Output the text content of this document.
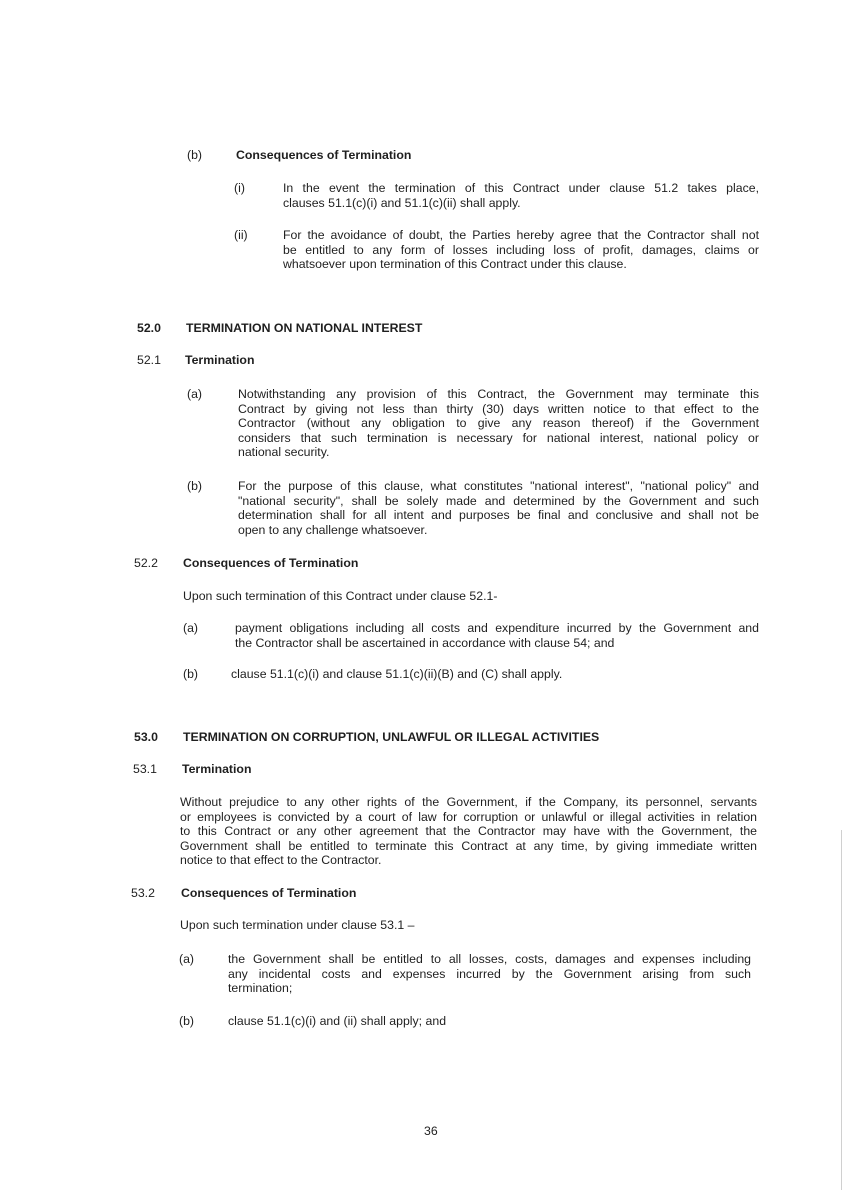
(b)	Consequences of Termination
(i)	In the event the termination of this Contract under clause 51.2 takes place,
clauses 51.1(c)(i) and 51.1(c)(ii) shall apply.
(ii)	For the avoidance of doubt, the Parties hereby agree that the Contractor shall not
be entitled to any form of losses including loss of profit, damages, claims or
whatsoever upon termination of this Contract under this clause.
52.0 TERMINATION ON NATIONAL INTEREST
52.1 Termination
(a)	Notwithstanding any provision of this Contract, the Government may terminate this
Contract by giving not less than thirty (30) days written notice to that effect to the
Contractor (without any obligation to give any reason thereof) if the Government
considers that such termination is necessary for national interest, national policy or
national security.
(b)	For the purpose of this clause, what constitutes "national interest", "national policy" and
"national security", shall be solely made and determined by the Government and such
determination shall for all intent and purposes be final and conclusive and shall not be
open to any challenge whatsoever.
52.2 Consequences of Termination
Upon such termination of this Contract under clause 52.1-
(a)	payment obligations including all costs and expenditure incurred by the Government and
the Contractor shall be ascertained in accordance with clause 54; and
(b)	clause 51.1(c)(i) and clause 51.1(c)(ii)(B) and (C) shall apply.
53.0 TERMINATION ON CORRUPTION, UNLAWFUL OR ILLEGAL ACTIVITIES
53.1 Termination
Without prejudice to any other rights of the Government, if the Company, its personnel, servants
or employees is convicted by a court of law for corruption or unlawful or illegal activities in relation
to this Contract or any other agreement that the Contractor may have with the Government, the
Government shall be entitled to terminate this Contract at any time, by giving immediate written
notice to that effect to the Contractor.
53.2 Consequences of Termination
Upon such termination under clause 53.1 –
(a)	the Government shall be entitled to all losses, costs, damages and expenses including
any incidental costs and expenses incurred by the Government arising from such
termination;
(b)	clause 51.1(c)(i) and (ii) shall apply; and
36
